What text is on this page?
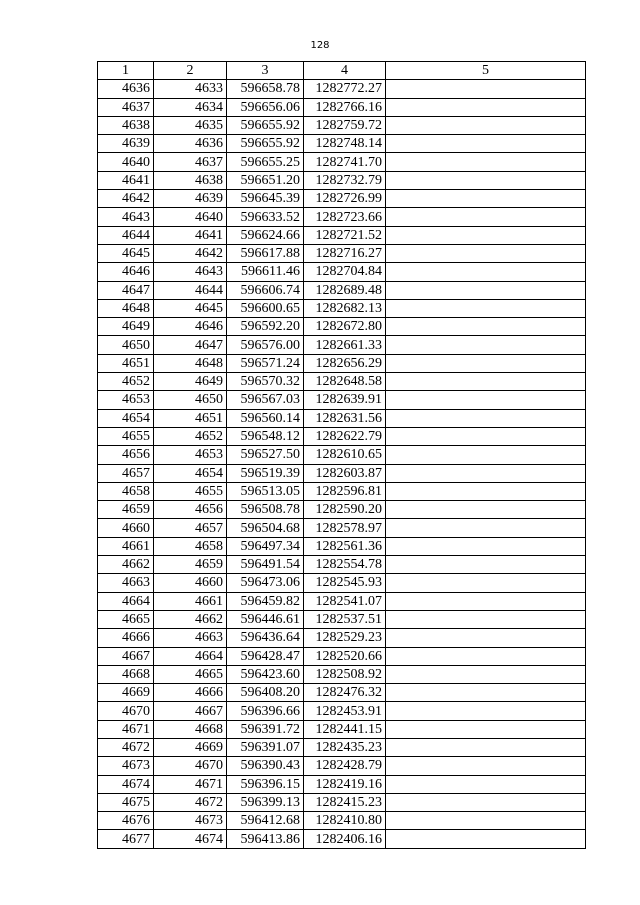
128
1	2	3	4	5
4636	4633	596658.78	1282772.27	
4637	4634	596656.06	1282766.16	
4638	4635	596655.92	1282759.72	
4639	4636	596655.92	1282748.14	
4640	4637	596655.25	1282741.70	
4641	4638	596651.20	1282732.79	
4642	4639	596645.39	1282726.99	
4643	4640	596633.52	1282723.66	
4644	4641	596624.66	1282721.52	
4645	4642	596617.88	1282716.27	
4646	4643	596611.46	1282704.84	
4647	4644	596606.74	1282689.48	
4648	4645	596600.65	1282682.13	
4649	4646	596592.20	1282672.80	
4650	4647	596576.00	1282661.33	
4651	4648	596571.24	1282656.29	
4652	4649	596570.32	1282648.58	
4653	4650	596567.03	1282639.91	
4654	4651	596560.14	1282631.56	
4655	4652	596548.12	1282622.79	
4656	4653	596527.50	1282610.65	
4657	4654	596519.39	1282603.87	
4658	4655	596513.05	1282596.81	
4659	4656	596508.78	1282590.20	
4660	4657	596504.68	1282578.97	
4661	4658	596497.34	1282561.36	
4662	4659	596491.54	1282554.78	
4663	4660	596473.06	1282545.93	
4664	4661	596459.82	1282541.07	
4665	4662	596446.61	1282537.51	
4666	4663	596436.64	1282529.23	
4667	4664	596428.47	1282520.66	
4668	4665	596423.60	1282508.92	
4669	4666	596408.20	1282476.32	
4670	4667	596396.66	1282453.91	
4671	4668	596391.72	1282441.15	
4672	4669	596391.07	1282435.23	
4673	4670	596390.43	1282428.79	
4674	4671	596396.15	1282419.16	
4675	4672	596399.13	1282415.23	
4676	4673	596412.68	1282410.80	
4677	4674	596413.86	1282406.16	
